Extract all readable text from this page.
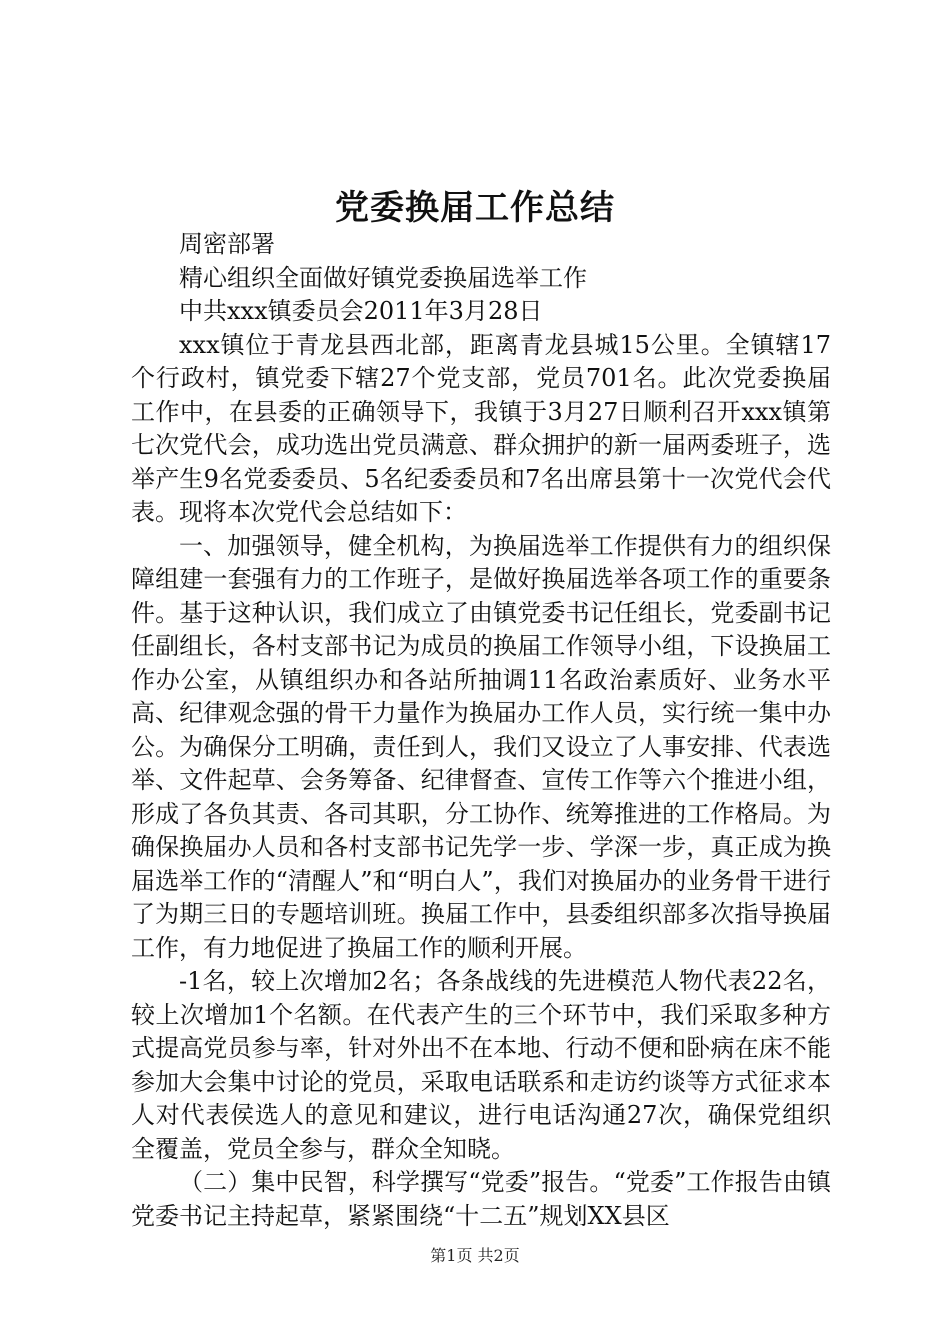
党委换届工作总结

周密部署

精心组织全面做好镇党委换届选举工作

中共xxx镇委员会2011年3月28日

xxx镇位于青龙县西北部，距离青龙县城15公里。全镇辖17个行政村，镇党委下辖27个党支部，党员701名。此次党委换届工作中，在县委的正确领导下，我镇于3月27日顺利召开xxx镇第七次党代会，成功选出党员满意、群众拥护的新一届两委班子，选举产生9名党委委员、5名纪委委员和7名出席县第十一次党代会代表。现将本次党代会总结如下：

一、加强领导，健全机构，为换届选举工作提供有力的组织保障组建一套强有力的工作班子，是做好换届选举各项工作的重要条件。基于这种认识，我们成立了由镇党委书记任组长，党委副书记任副组长，各村支部书记为成员的换届工作领导小组，下设换届工作办公室，从镇组织办和各站所抽调11名政治素质好、业务水平高、纪律观念强的骨干力量作为换届办工作人员，实行统一集中办公。为确保分工明确，责任到人，我们又设立了人事安排、代表选举、文件起草、会务筹备、纪律督查、宣传工作等六个推进小组，形成了各负其责、各司其职，分工协作、统筹推进的工作格局。为确保换届办人员和各村支部书记先学一步、学深一步，真正成为换届选举工作的“清醒人”和“明白人”，我们对换届办的业务骨干进行了为期三日的专题培训班。换届工作中，县委组织部多次指导换届工作，有力地促进了换届工作的顺利开展。

-1名，较上次增加2名；各条战线的先进模范人物代表22名，较上次增加1个名额。在代表产生的三个环节中，我们采取多种方式提高党员参与率，针对外出不在本地、行动不便和卧病在床不能参加大会集中讨论的党员，采取电话联系和走访约谈等方式征求本人对代表侯选人的意见和建议，进行电话沟通27次，确保党组织全覆盖，党员全参与，群众全知晓。

（二）集中民智，科学撰写“党委”报告。“党委”工作报告由镇党委书记主持起草，紧紧围绕“十二五”规划XX县区

第1页 共2页
